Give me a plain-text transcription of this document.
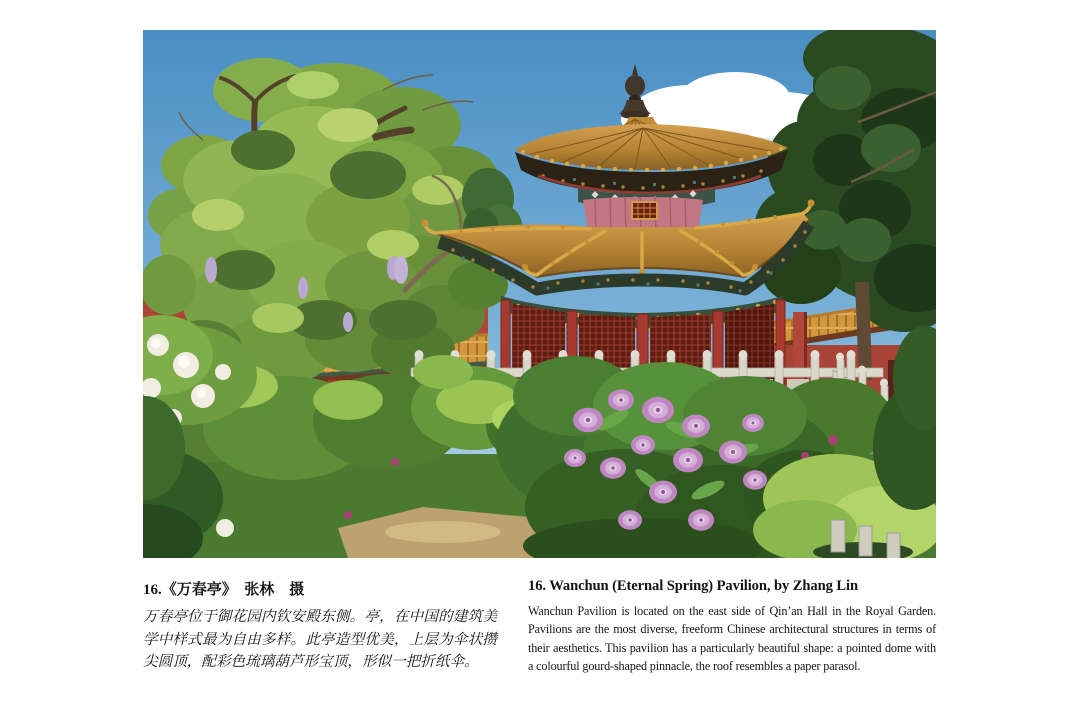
16.《万春亭》　张林　摄

万春亭位于御花园内钦安殿东侧。亭，在中国的建筑美学中样式最为自由多样。此亭造型优美，上层为伞状攒尖圆顶，配彩色琉璃葫芦形宝顶，形似一把折纸伞。

16. Wanchun (Eternal Spring) Pavilion, by Zhang Lin

Wanchun Pavilion is located on the east side of Qin’an Hall in the Royal Garden. Pavilions are the most diverse, freeform Chinese architectural structures in terms of their aesthetics. This pavilion has a particularly beautiful shape: a pointed dome with a colourful gourd-shaped pinnacle, the roof resembles a paper parasol.
